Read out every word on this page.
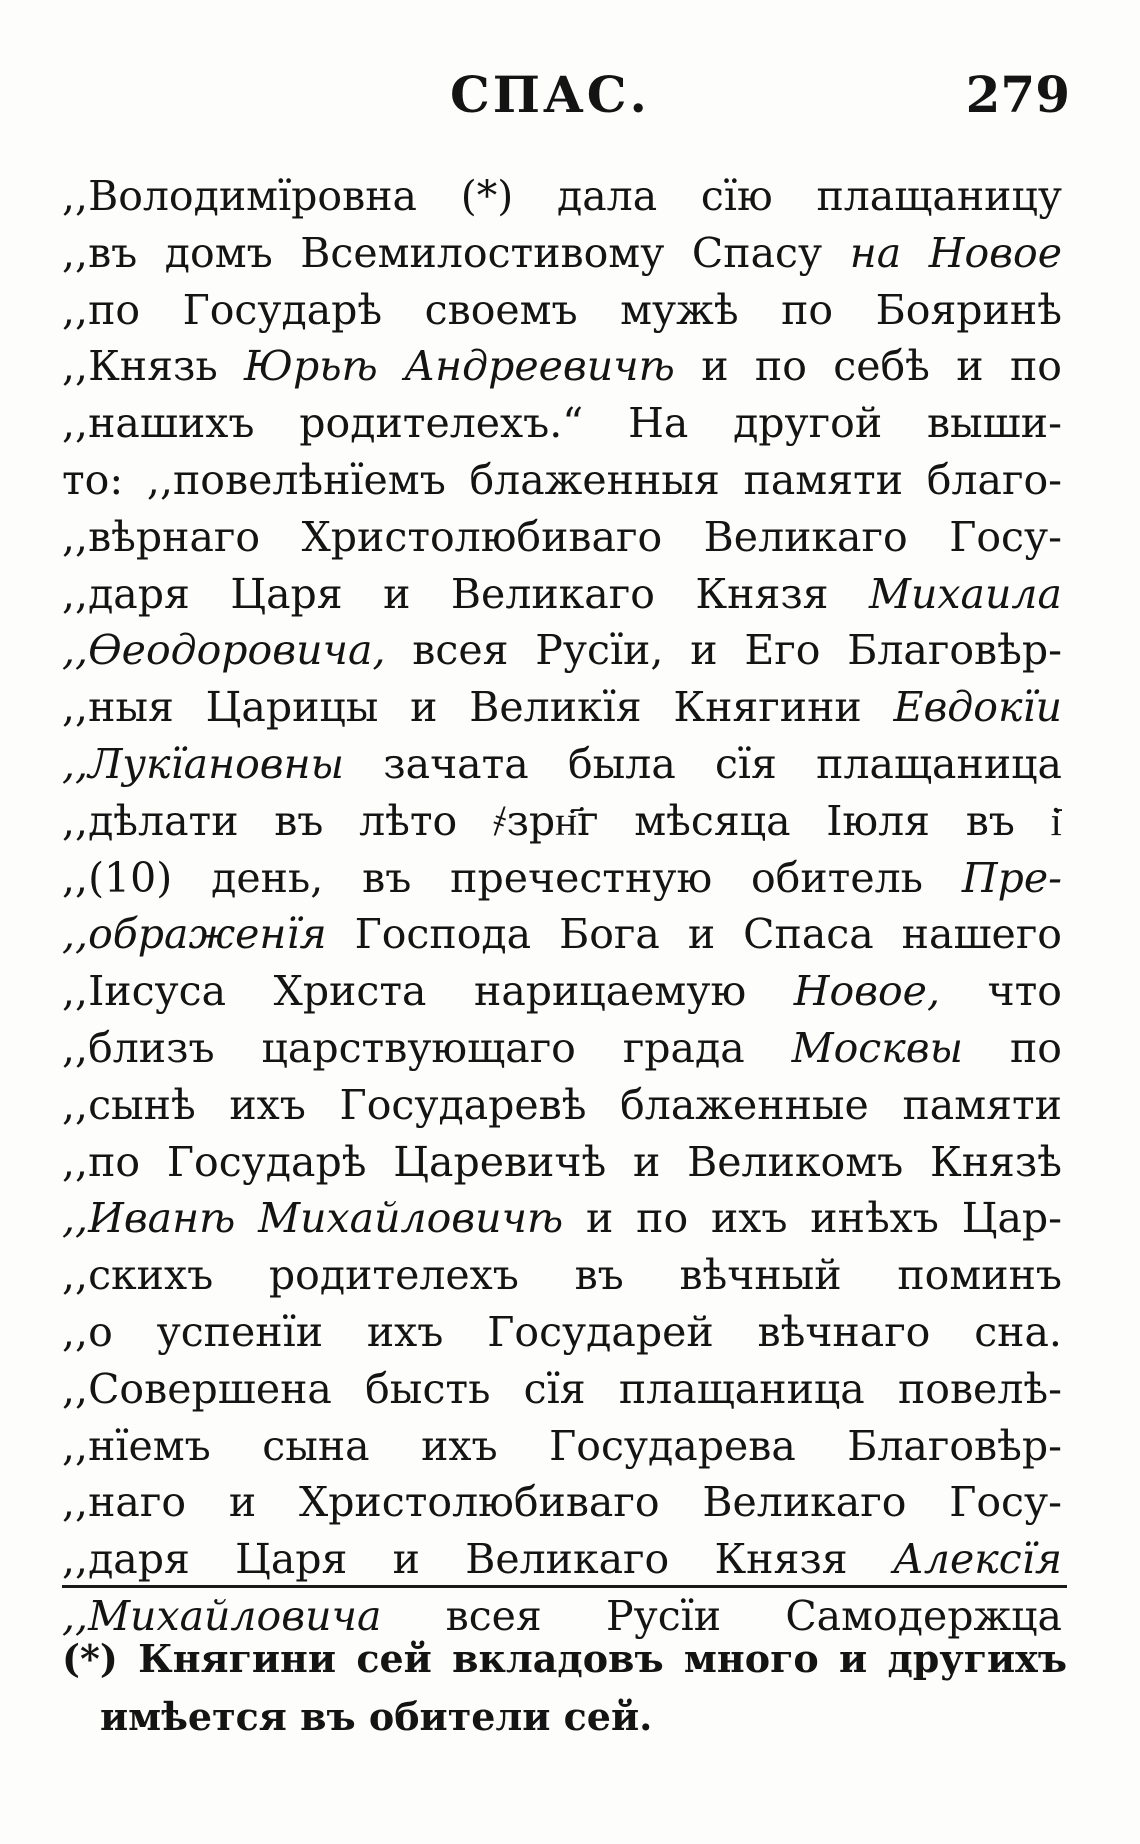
СПАС.	279
,,Володимїровна (*) дала сїю плащаницу
,,въ домъ Всемилостивому Спасу на Новое
,,по Государѣ своемъ мужѣ по Бояринѣ
,,Князь Юрьѣ Андреевичѣ и по себѣ и по
,,нашихъ родителехъ.“ На другой выши-
то: ,,повелѣнїемъ блаженныя памяти благо-
,,вѣрнаго Христолюбиваго Великаго Госу-
,,даря Царя и Великаго Князя Михаила
,,Ѳеодоровича, всея Русїи, и Его Благовѣр-
,,ныя Царицы и Великїя Княгини Евдокїи
,,Лукїановны зачата была сїя плащаница
,,дѣлати въ лѣто ҂зрн҃г мѣсяца Iюля въ і҃
,,(10) день, въ пречестную обитель Пре-
,,ображенїя Господа Бога и Спаса нашего
,,Iисуса Христа нарицаемую Новое, что
,,близъ царствующаго града Москвы по
,,сынѣ ихъ Государевѣ блаженные памяти
,,по Государѣ Царевичѣ и Великомъ Князѣ
,,Иванѣ Михайловичѣ и по ихъ инѣхъ Цар-
,,скихъ родителехъ въ вѣчный поминъ
,,о успенїи ихъ Государей вѣчнаго сна.
,,Совершена бысть сїя плащаница повелѣ-
,,нїемъ сына ихъ Государева Благовѣр-
,,наго и Христолюбиваго Великаго Госу-
,,даря Царя и Великаго Князя Алексїя
,,Михайловича всея Русїи Самодержца
(*) Княгини сей вкладовъ много и другихъ
имѣется въ обители сей.
